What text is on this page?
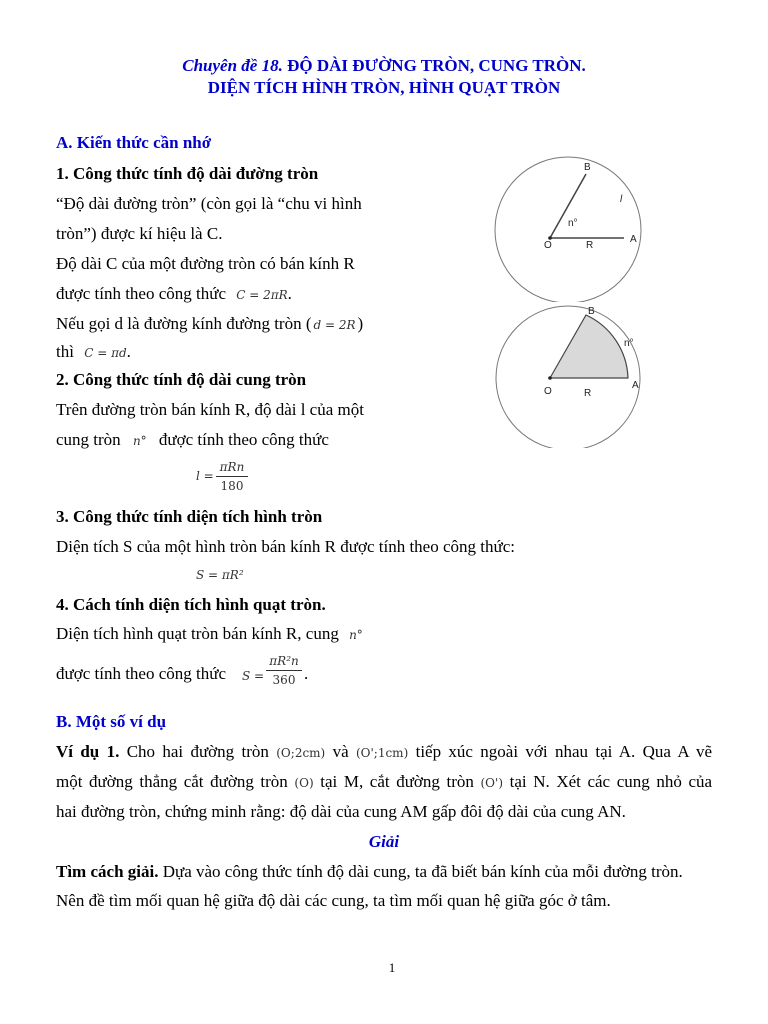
Chuyên đề 18. ĐỘ DÀI ĐƯỜNG TRÒN, CUNG TRÒN.
DIỆN TÍCH HÌNH TRÒN, HÌNH QUẠT TRÒN
A. Kiến thức cần nhớ
1. Công thức tính độ dài đường tròn
“Độ dài đường tròn” (còn gọi là “chu vi hình
tròn”) được kí hiệu là C.
Độ dài C của một đường tròn có bán kính R
được tính theo công thức C = 2πR.
Nếu gọi d là đường kính đường tròn ( d = 2R )
thì C = πd.
2. Công thức tính độ dài cung tròn
Trên đường tròn bán kính R, độ dài l của một
cung tròn n° được tính theo công thức
l =
πRn
180
3. Công thức tính diện tích hình tròn
Diện tích S của một hình tròn bán kính R được tính theo công thức:
S = πR²
4. Cách tính diện tích hình quạt tròn.
Diện tích hình quạt tròn bán kính R, cung n°
được tính theo công thức S =
πR²n
360 .
B
O	R
A
n°
l
B
O	R
A
n°
B. Một số ví dụ
Ví dụ 1. Cho hai đường tròn (O;2cm) và (O';1cm) tiếp xúc ngoài với nhau tại A. Qua A vẽ
một đường thẳng cắt đường tròn (O) tại M, cắt đường tròn (O') tại N. Xét các cung nhỏ của
hai đường tròn, chứng minh rằng: độ dài của cung AM gấp đôi độ dài của cung AN.
Giải
Tìm cách giải. Dựa vào công thức tính độ dài cung, ta đã biết bán kính của mỗi đường tròn.
Nên đề tìm mối quan hệ giữa độ dài các cung, ta tìm mối quan hệ giữa góc ở tâm.
1
